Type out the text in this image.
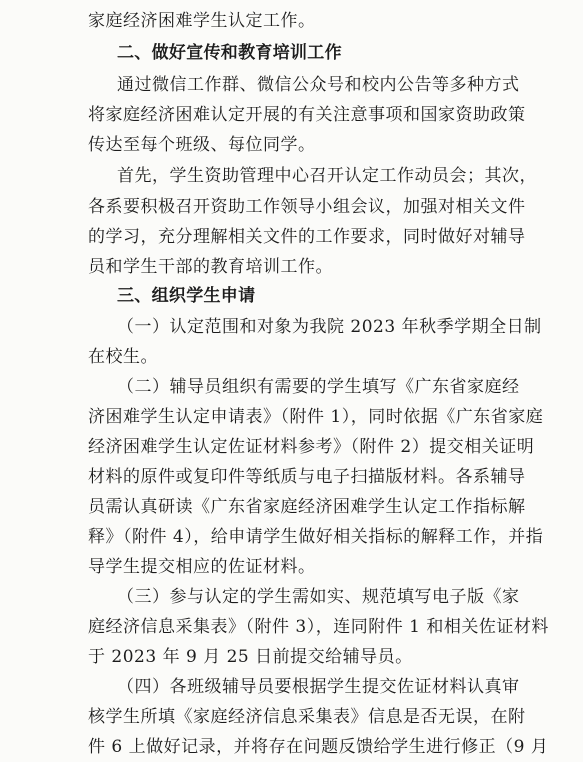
家庭经济困难学生认定工作。
二、做好宣传和教育培训工作
通过微信工作群、微信公众号和校内公告等多种方式
将家庭经济困难认定开展的有关注意事项和国家资助政策
传达至每个班级、每位同学。
首先，学生资助管理中心召开认定工作动员会；其次，
各系要积极召开资助工作领导小组会议，加强对相关文件
的学习，充分理解相关文件的工作要求，同时做好对辅导
员和学生干部的教育培训工作。
三、组织学生申请
（一）认定范围和对象为我院 2023 年秋季学期全日制
在校生。
（二）辅导员组织有需要的学生填写《广东省家庭经
济困难学生认定申请表》（附件 1），同时依据《广东省家庭
经济困难学生认定佐证材料参考》（附件 2）提交相关证明
材料的原件或复印件等纸质与电子扫描版材料。各系辅导
员需认真研读《广东省家庭经济困难学生认定工作指标解
释》（附件 4），给申请学生做好相关指标的解释工作，并指
导学生提交相应的佐证材料。
（三）参与认定的学生需如实、规范填写电子版《家
庭经济信息采集表》（附件 3），连同附件 1 和相关佐证材料
于 2023 年 9 月 25 日前提交给辅导员。
（四）各班级辅导员要根据学生提交佐证材料认真审
核学生所填《家庭经济信息采集表》信息是否无误，在附
件 6 上做好记录，并将存在问题反馈给学生进行修正（9 月
